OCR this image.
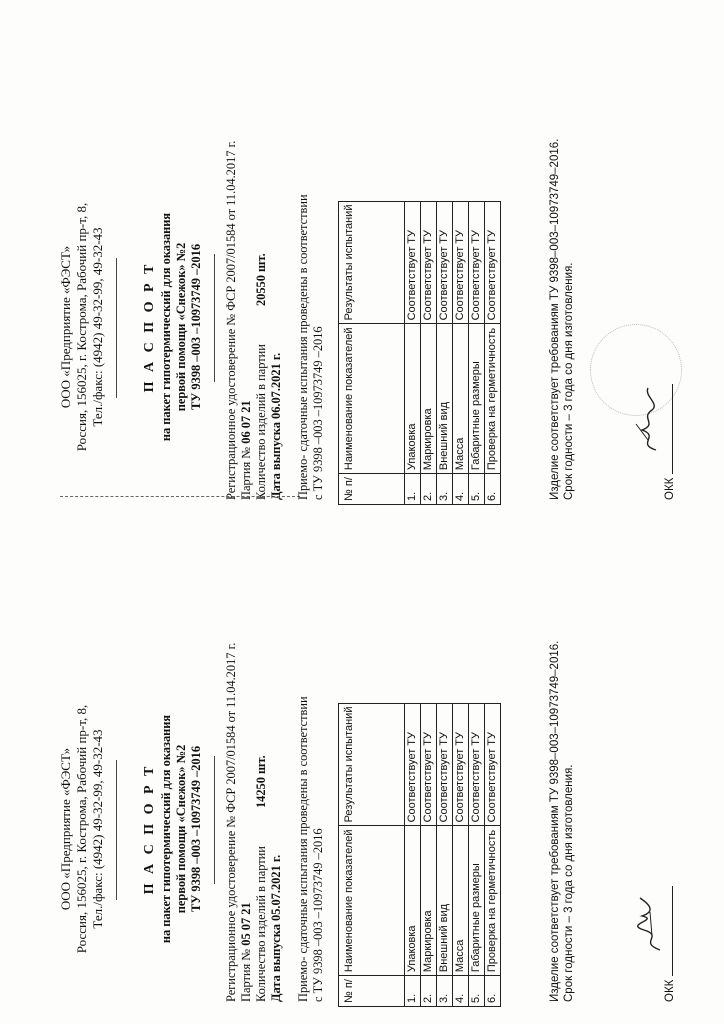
ООО «Предприятие «ФЭСТ» Россия, 156025, г. Кострома, Рабочий пр-т, 8, Тел./факс: (4942) 49-32-99, 49-32-43	П А С П О Р Т на пакет гипотермический для оказания первой помощи «Снежок» №2 ТУ 9398 –003 –10973749 –2016 Регистрационное удостоверение № ФСР 2007/01584 от 11.04.2017 г. Партия № 05 07 21 Количество изделий в партии14250 шт.
Дата выпуска 05.07.2021 г. Приемо- сдаточные испытания проведены в соответствии с ТУ 9398 –003 –10973749 –2016 № п/	Наименование показателей	Результаты испытаний
1.	Упаковка	Соответствует ТУ
2.	Маркировка	Соответствует ТУ
3.	Внешний вид	Соответствует ТУ
4.	Масса	Соответствует ТУ
5.	Габаритные размеры	Соответствует ТУ
6.	Проверка на герметичность	Соответствует ТУ	Изделие соответствует требованиям ТУ 9398–003–10973749–2016. Срок годности – 3 года со дня изготовления.	ОКК
ООО «Предприятие «ФЭСТ» Россия, 156025, г. Кострома, Рабочий пр-т, 8, Тел./факс: (4942) 49-32-99, 49-32-43	П А С П О Р Т на пакет гипотермический для оказания первой помощи «Снежок» №2 ТУ 9398 –003 –10973749 –2016 Регистрационное удостоверение № ФСР 2007/01584 от 11.04.2017 г. Партия № 06 07 21 Количество изделий в партии20550 шт.
Дата выпуска 06.07.2021 г. Приемо- сдаточные испытания проведены в соответствии с ТУ 9398 –003 –10973749 –2016 № п/	Наименование показателей	Результаты испытаний
1.	Упаковка	Соответствует ТУ
2.	Маркировка	Соответствует ТУ
3.	Внешний вид	Соответствует ТУ
4.	Масса	Соответствует ТУ
5.	Габаритные размеры	Соответствует ТУ
6.	Проверка на герметичность	Соответствует ТУ	Изделие соответствует требованиям ТУ 9398–003–10973749–2016. Срок годности – 3 года со дня изготовления.	ОКК
